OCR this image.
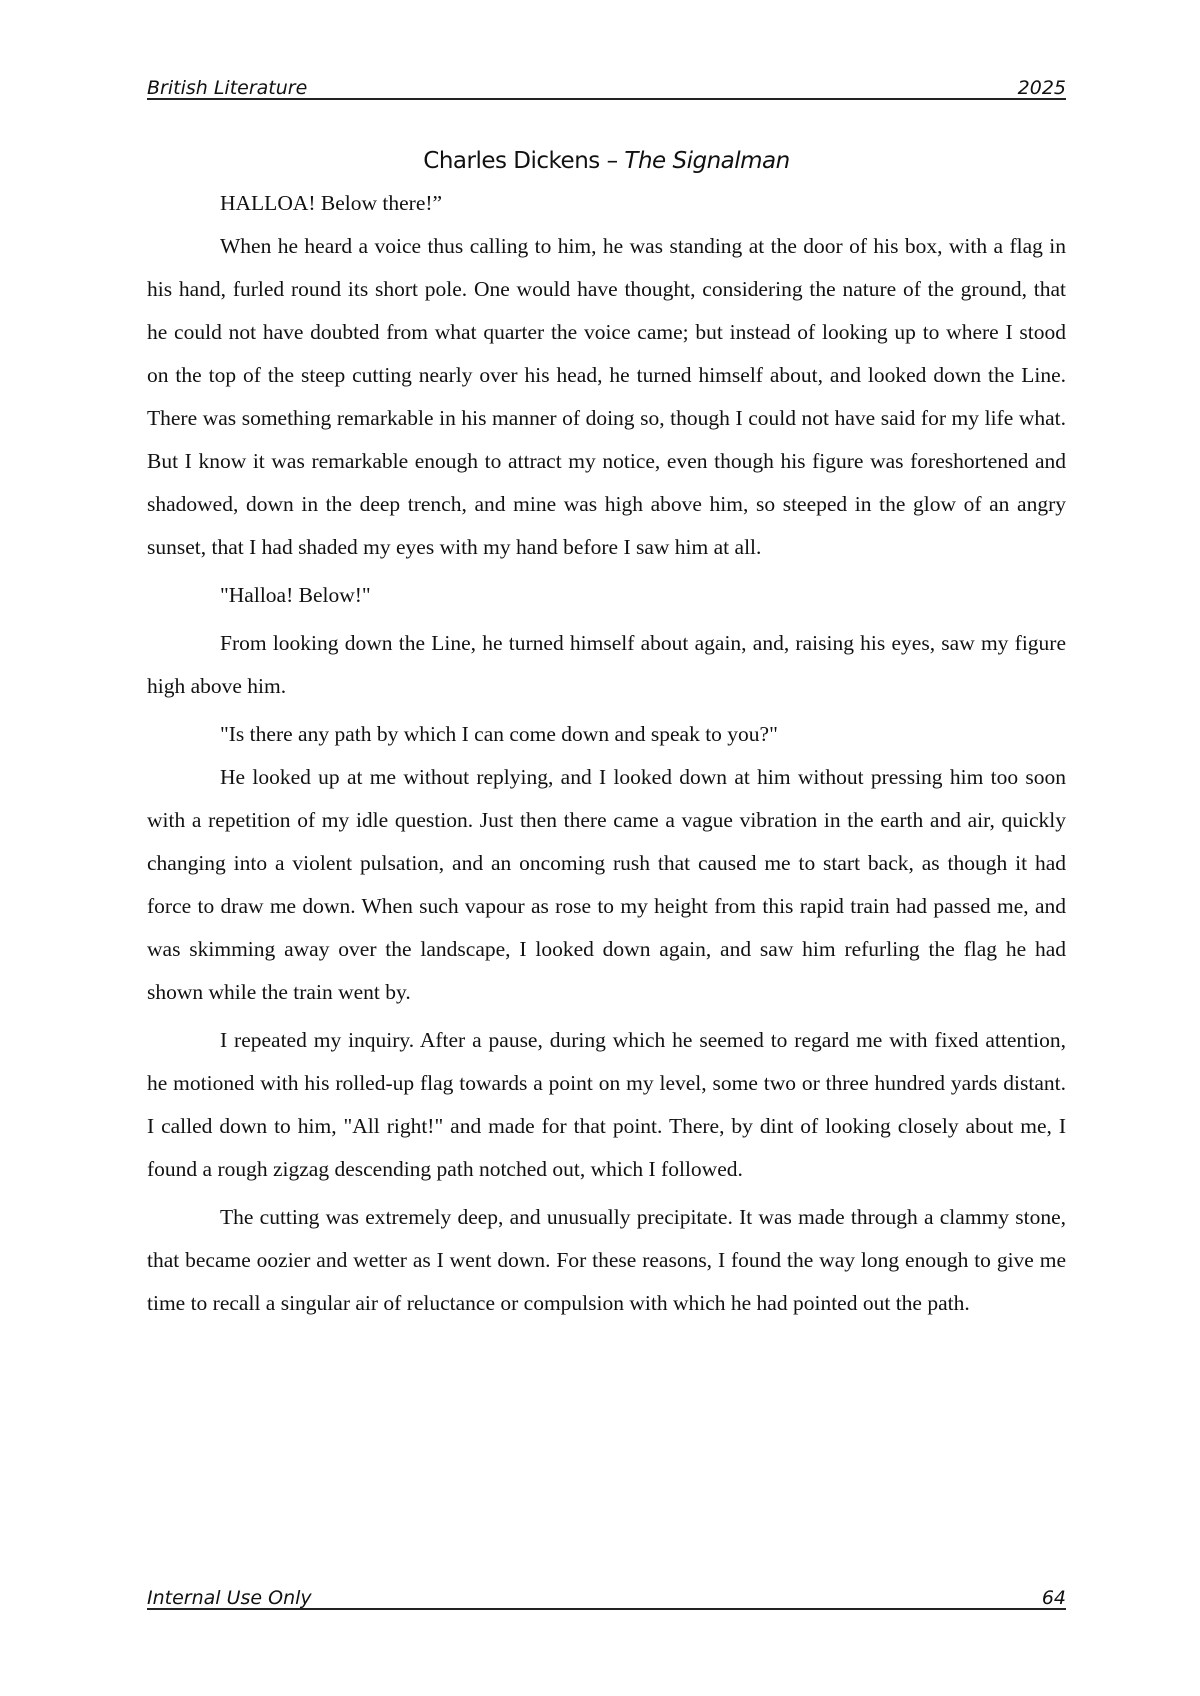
British Literature	2025
Charles Dickens – The Signalman

HALLOA! Below there!”

When he heard a voice thus calling to him, he was standing at the door of his box, with a flag in his hand, furled round its short pole. One would have thought, considering the nature of the ground, that he could not have doubted from what quarter the voice came; but instead of looking up to where I stood on the top of the steep cutting nearly over his head, he turned himself about, and looked down the Line. There was something remarkable in his manner of doing so, though I could not have said for my life what. But I know it was remarkable enough to attract my notice, even though his figure was foreshortened and shadowed, down in the deep trench, and mine was high above him, so steeped in the glow of an angry sunset, that I had shaded my eyes with my hand before I saw him at all.

"Halloa! Below!"

From looking down the Line, he turned himself about again, and, raising his eyes, saw my figure high above him.

"Is there any path by which I can come down and speak to you?"

He looked up at me without replying, and I looked down at him without pressing him too soon with a repetition of my idle question. Just then there came a vague vibration in the earth and air, quickly changing into a violent pulsation, and an oncoming rush that caused me to start back, as though it had force to draw me down. When such vapour as rose to my height from this rapid train had passed me, and was skimming away over the landscape, I looked down again, and saw him refurling the flag he had shown while the train went by.

I repeated my inquiry. After a pause, during which he seemed to regard me with fixed attention, he motioned with his rolled-up flag towards a point on my level, some two or three hundred yards distant. I called down to him, "All right!" and made for that point. There, by dint of looking closely about me, I found a rough zigzag descending path notched out, which I followed.

The cutting was extremely deep, and unusually precipitate. It was made through a clammy stone, that became oozier and wetter as I went down. For these reasons, I found the way long enough to give me time to recall a singular air of reluctance or compulsion with which he had pointed out the path.

Internal Use Only	64
